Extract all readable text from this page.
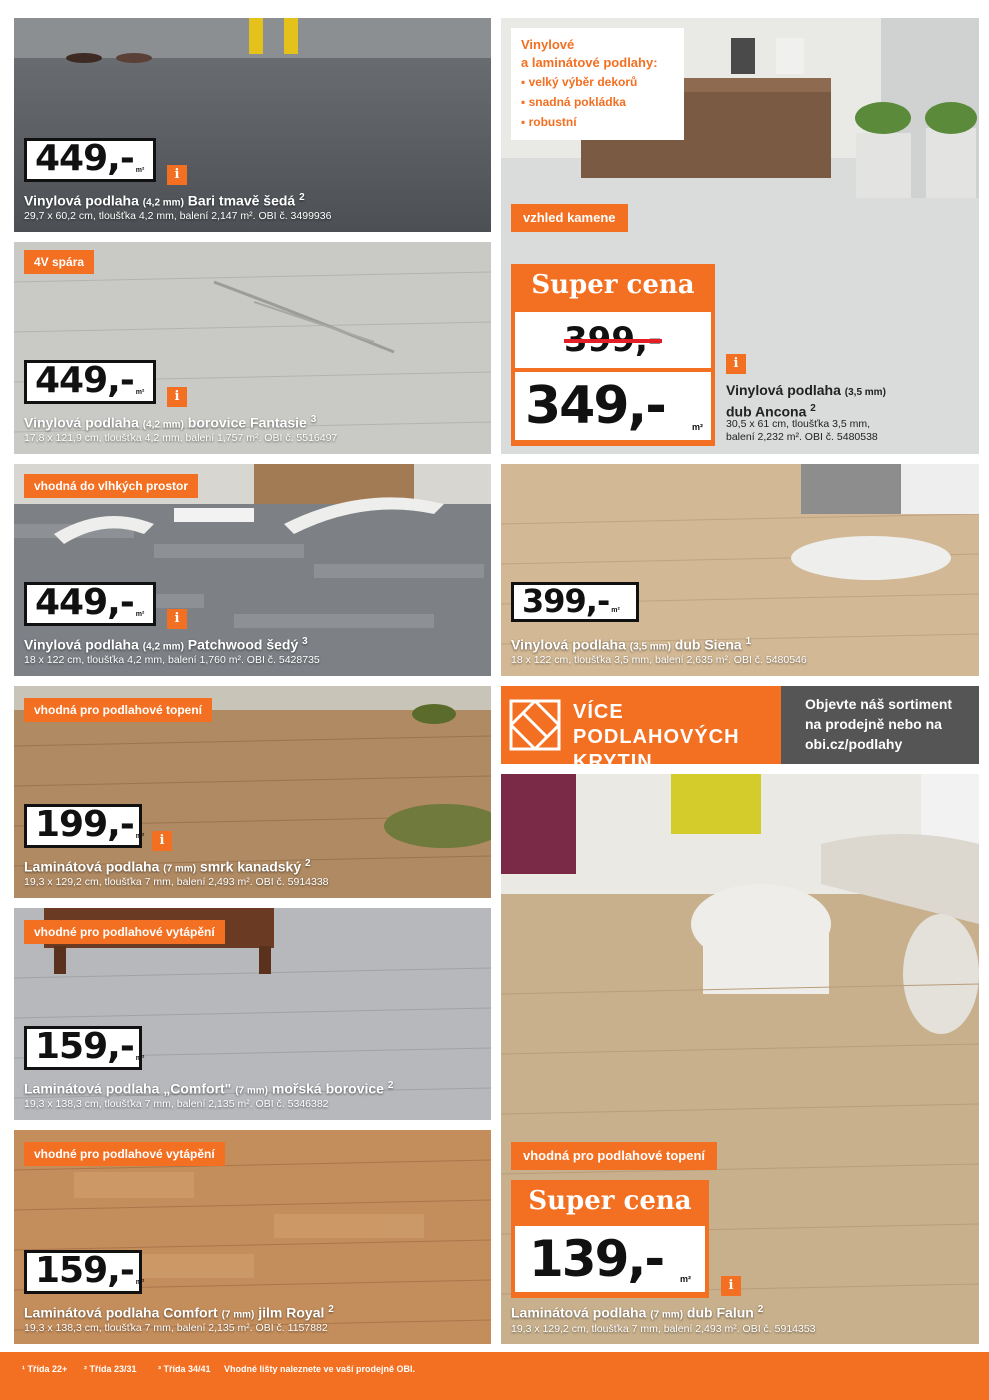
449,- m²	i
Vinylová podlaha (4,2 mm) Bari tmavě šedá $^2$
29,7 x 60,2 cm, tloušťka 4,2 mm, balení 2,147 m². OBI č. 3499936
4V spára
449,- m²	i
Vinylová podlaha (4,2 mm) borovice Fantasie $^3$
17,8 x 121,9 cm, tloušťka 4,2 mm, balení 1,757 m². OBI č. 5516497
vhodná do vlhkých prostor
449,- m²	i
Vinylová podlaha (4,2 mm) Patchwood šedý $^3$
18 x 122 cm, tloušťka 4,2 mm, balení 1,760 m². OBI č. 5428735
vhodná pro podlahové topení
199,- m²	i
Laminátová podlaha (7 mm) smrk kanadský $^2$
19,3 x 129,2 cm, tloušťka 7 mm, balení 2,493 m². OBI č. 5914338
vhodné pro podlahové vytápění
159,- m²
Laminátová podlaha „Comfort" (7 mm) mořská borovice $^2$
19,3 x 138,3 cm, tloušťka 7 mm, balení 2,135 m². OBI č. 5346382
vhodné pro podlahové vytápění
159,- m²
Laminátová podlaha Comfort (7 mm) jilm Royal $^2$
19,3 x 138,3 cm, tloušťka 7 mm, balení 2,135 m². OBI č. 1157882
Vinylové
a laminátové podlahy:
▪ velký výběr dekorů
▪ snadná pokládka
▪ robustní
vzhled kamene
Super cena
399,-
349,-	m²
i
Vinylová podlaha (3,5 mm)
dub Ancona $^2$
30,5 x 61 cm, tloušťka 3,5 mm,
balení 2,232 m². OBI č. 5480538
399,- m²
Vinylová podlaha (3,5 mm) dub Siena $^1$
18 x 122 cm, tloušťka 3,5 mm, balení 2,635 m². OBI č. 5480546
VÍCE PODLAHOVÝCH
KRYTIN
Objevte náš sortiment
na prodejně nebo na
obi.cz/podlahy
vhodná pro podlahové topení
Super cena
139,- m²	i
Laminátová podlaha (7 mm) dub Falun $^2$
19,3 x 129,2 cm, tloušťka 7 mm, balení 2,493 m². OBI č. 5914353
¹ Třída 22+ ² Třída 23/31 ³ Třída 34/41 Vhodné lišty naleznete ve vaší prodejně OBI.
